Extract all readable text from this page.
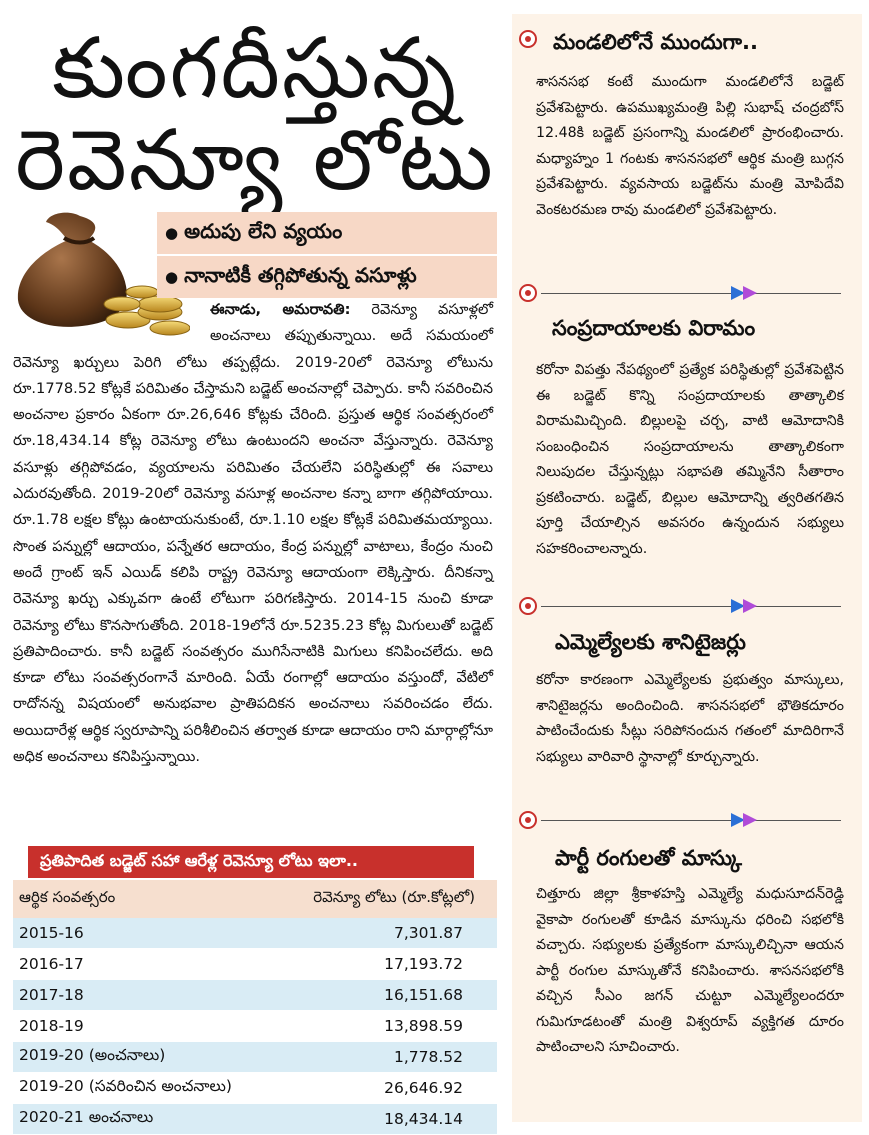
కుంగదీస్తున్న
రెవెన్యూ లోటు
● అదుపు లేని వ్యయం
● నానాటికీ తగ్గిపోతున్న వసూళ్లు
ఈనాడు, అమరావతి: రెవెన్యూ వసూళ్లలో అంచనాలు తప్పుతున్నాయి. అదే సమయంలో రెవెన్యూ ఖర్చులు పెరిగి లోటు తప్పట్లేదు. 2019-20లో రెవెన్యూ లోటును రూ.1778.52 కోట్లకే పరిమితం చేస్తామని బడ్జెట్ అంచనాల్లో చెప్పారు. కానీ సవరించిన అంచనాల ప్రకారం ఏకంగా రూ.26,646 కోట్లకు చేరింది. ప్రస్తుత ఆర్థిక సంవత్సరంలో రూ.18,434.14 కోట్ల రెవెన్యూ లోటు ఉంటుందని అంచనా వేస్తున్నారు. రెవెన్యూ వసూళ్లు తగ్గిపోవడం, వ్యయాలను పరిమితం చేయలేని పరిస్థితుల్లో ఈ సవాలు ఎదురవుతోంది. 2019-20లో రెవెన్యూ వసూళ్ల అంచనాల కన్నా బాగా తగ్గిపోయాయి. రూ.1.78 లక్షల కోట్లు ఉంటాయనుకుంటే, రూ.1.10 లక్షల కోట్లకే పరిమితమయ్యాయి. సొంత పన్నుల్లో ఆదాయం, పన్నేతర ఆదాయం, కేంద్ర పన్నుల్లో వాటాలు, కేంద్రం నుంచి అందే గ్రాంట్ ఇన్ ఎయిడ్ కలిపి రాష్ట్ర రెవెన్యూ ఆదాయంగా లెక్కిస్తారు. దీనికన్నా రెవెన్యూ ఖర్చు ఎక్కువగా ఉంటే లోటుగా పరిగణిస్తారు. 2014-15 నుంచి కూడా రెవెన్యూ లోటు కొనసాగుతోంది. 2018-19లోనే రూ.5235.23 కోట్ల మిగులుతో బడ్జెట్ ప్రతిపాదించారు. కానీ బడ్జెట్ సంవత్సరం ముగిసేనాటికి మిగులు కనిపించలేదు. అది కూడా లోటు సంవత్సరంగానే మారింది. ఏయే రంగాల్లో ఆదాయం వస్తుందో, వేటిలో రాదోనన్న విషయంలో అనుభవాల ప్రాతిపదికన అంచనాలు సవరించడం లేదు. అయిదారేళ్ల ఆర్థిక స్వరూపాన్ని పరిశీలించిన తర్వాత కూడా ఆదాయం రాని మార్గాల్లోనూ అధిక అంచనాలు కనిపిస్తున్నాయి.
ప్రతిపాదిత బడ్జెట్ సహా ఆరేళ్ల రెవెన్యూ లోటు ఇలా..
ఆర్థిక సంవత్సరం	రెవెన్యూ లోటు (రూ.కోట్లలో)
2015-16	7,301.87
2016-17	17,193.72
2017-18	16,151.68
2018-19	13,898.59
2019-20 (అంచనాలు)	1,778.52
2019-20 (సవరించిన అంచనాలు)	26,646.92
2020-21 అంచనాలు	18,434.14
మండలిలోనే ముందుగా..
శాసనసభ కంటే ముందుగా మండలిలోనే బడ్జెట్ ప్రవేశపెట్టారు. ఉపముఖ్యమంత్రి పిల్లి సుభాష్ చంద్రబోస్ 12.48కి బడ్జెట్ ప్రసంగాన్ని మండలిలో ప్రారంభించారు. మధ్యాహ్నం 1 గంటకు శాసనసభలో ఆర్థిక మంత్రి బుగ్గన ప్రవేశపెట్టారు. వ్యవసాయ బడ్జెట్‌ను మంత్రి మోపిదేవి వెంకటరమణ రావు మండలిలో ప్రవేశపెట్టారు.
సంప్రదాయాలకు విరామం
కరోనా విపత్తు నేపథ్యంలో ప్రత్యేక పరిస్థితుల్లో ప్రవేశపెట్టిన ఈ బడ్జెట్ కొన్ని సంప్రదాయాలకు తాత్కాలిక విరామమిచ్చింది. బిల్లులపై చర్చ, వాటి ఆమోదానికి సంబంధించిన సంప్రదాయాలను తాత్కాలికంగా నిలుపుదల చేస్తున్నట్లు సభాపతి తమ్మినేని సీతారాం ప్రకటించారు. బడ్జెట్, బిల్లుల ఆమోదాన్ని త్వరితగతిన పూర్తి చేయాల్సిన అవసరం ఉన్నందున సభ్యులు సహకరించాలన్నారు.
ఎమ్మెల్యేలకు శానిటైజర్లు
కరోనా కారణంగా ఎమ్మెల్యేలకు ప్రభుత్వం మాస్కులు, శానిటైజర్లను అందించింది. శాసనసభలో భౌతికదూరం పాటించేందుకు సీట్లు సరిపోనందున గతంలో మాదిరిగానే సభ్యులు వారివారి స్థానాల్లో కూర్చున్నారు.
పార్టీ రంగులతో మాస్కు
చిత్తూరు జిల్లా శ్రీకాళహస్తి ఎమ్మెల్యే మధుసూదన్‌రెడ్డి వైకాపా రంగులతో కూడిన మాస్కును ధరించి సభలోకి వచ్చారు. సభ్యులకు ప్రత్యేకంగా మాస్కులిచ్చినా ఆయన పార్టీ రంగుల మాస్కుతోనే కనిపించారు. శాసనసభలోకి వచ్చిన సీఎం జగన్ చుట్టూ ఎమ్మెల్యేలందరూ గుమిగూడటంతో మంత్రి విశ్వరూప్ వ్యక్తిగత దూరం పాటించాలని సూచించారు.
